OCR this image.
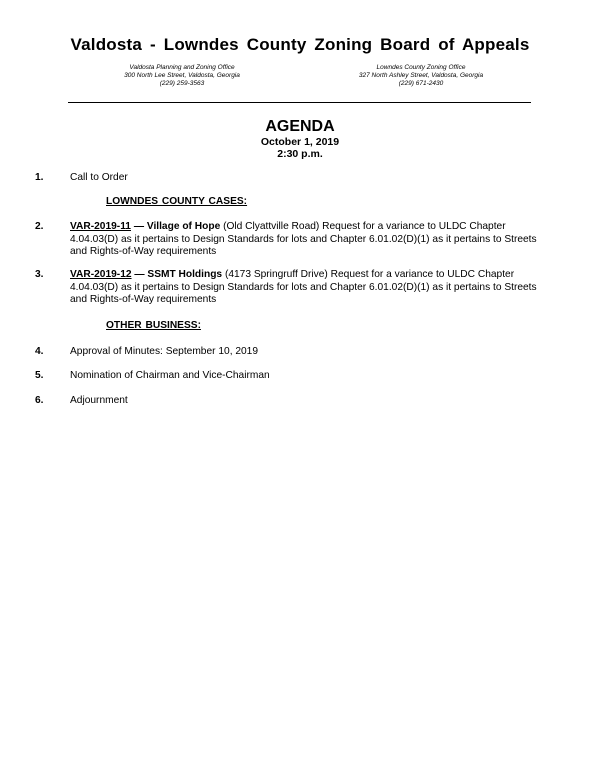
Valdosta - Lowndes County Zoning Board of Appeals
Valdosta Planning and Zoning Office
300 North Lee Street, Valdosta, Georgia
(229) 259-3563
Lowndes County Zoning Office
327 North Ashley Street, Valdosta, Georgia
(229) 671-2430
AGENDA
October 1, 2019
2:30 p.m.
1.	Call to Order
LOWNDES COUNTY CASES:
2.	VAR-2019-11 — Village of Hope (Old Clyattville Road) Request for a variance to ULDC Chapter 4.04.03(D) as it pertains to Design Standards for lots and Chapter 6.01.02(D)(1) as it pertains to Streets and Rights-of-Way requirements
3.	VAR-2019-12 — SSMT Holdings (4173 Springruff Drive) Request for a variance to ULDC Chapter 4.04.03(D) as it pertains to Design Standards for lots and Chapter 6.01.02(D)(1) as it pertains to Streets and Rights-of-Way requirements
OTHER BUSINESS:
4.	Approval of Minutes: September 10, 2019
5.	Nomination of Chairman and Vice-Chairman
6.	Adjournment
